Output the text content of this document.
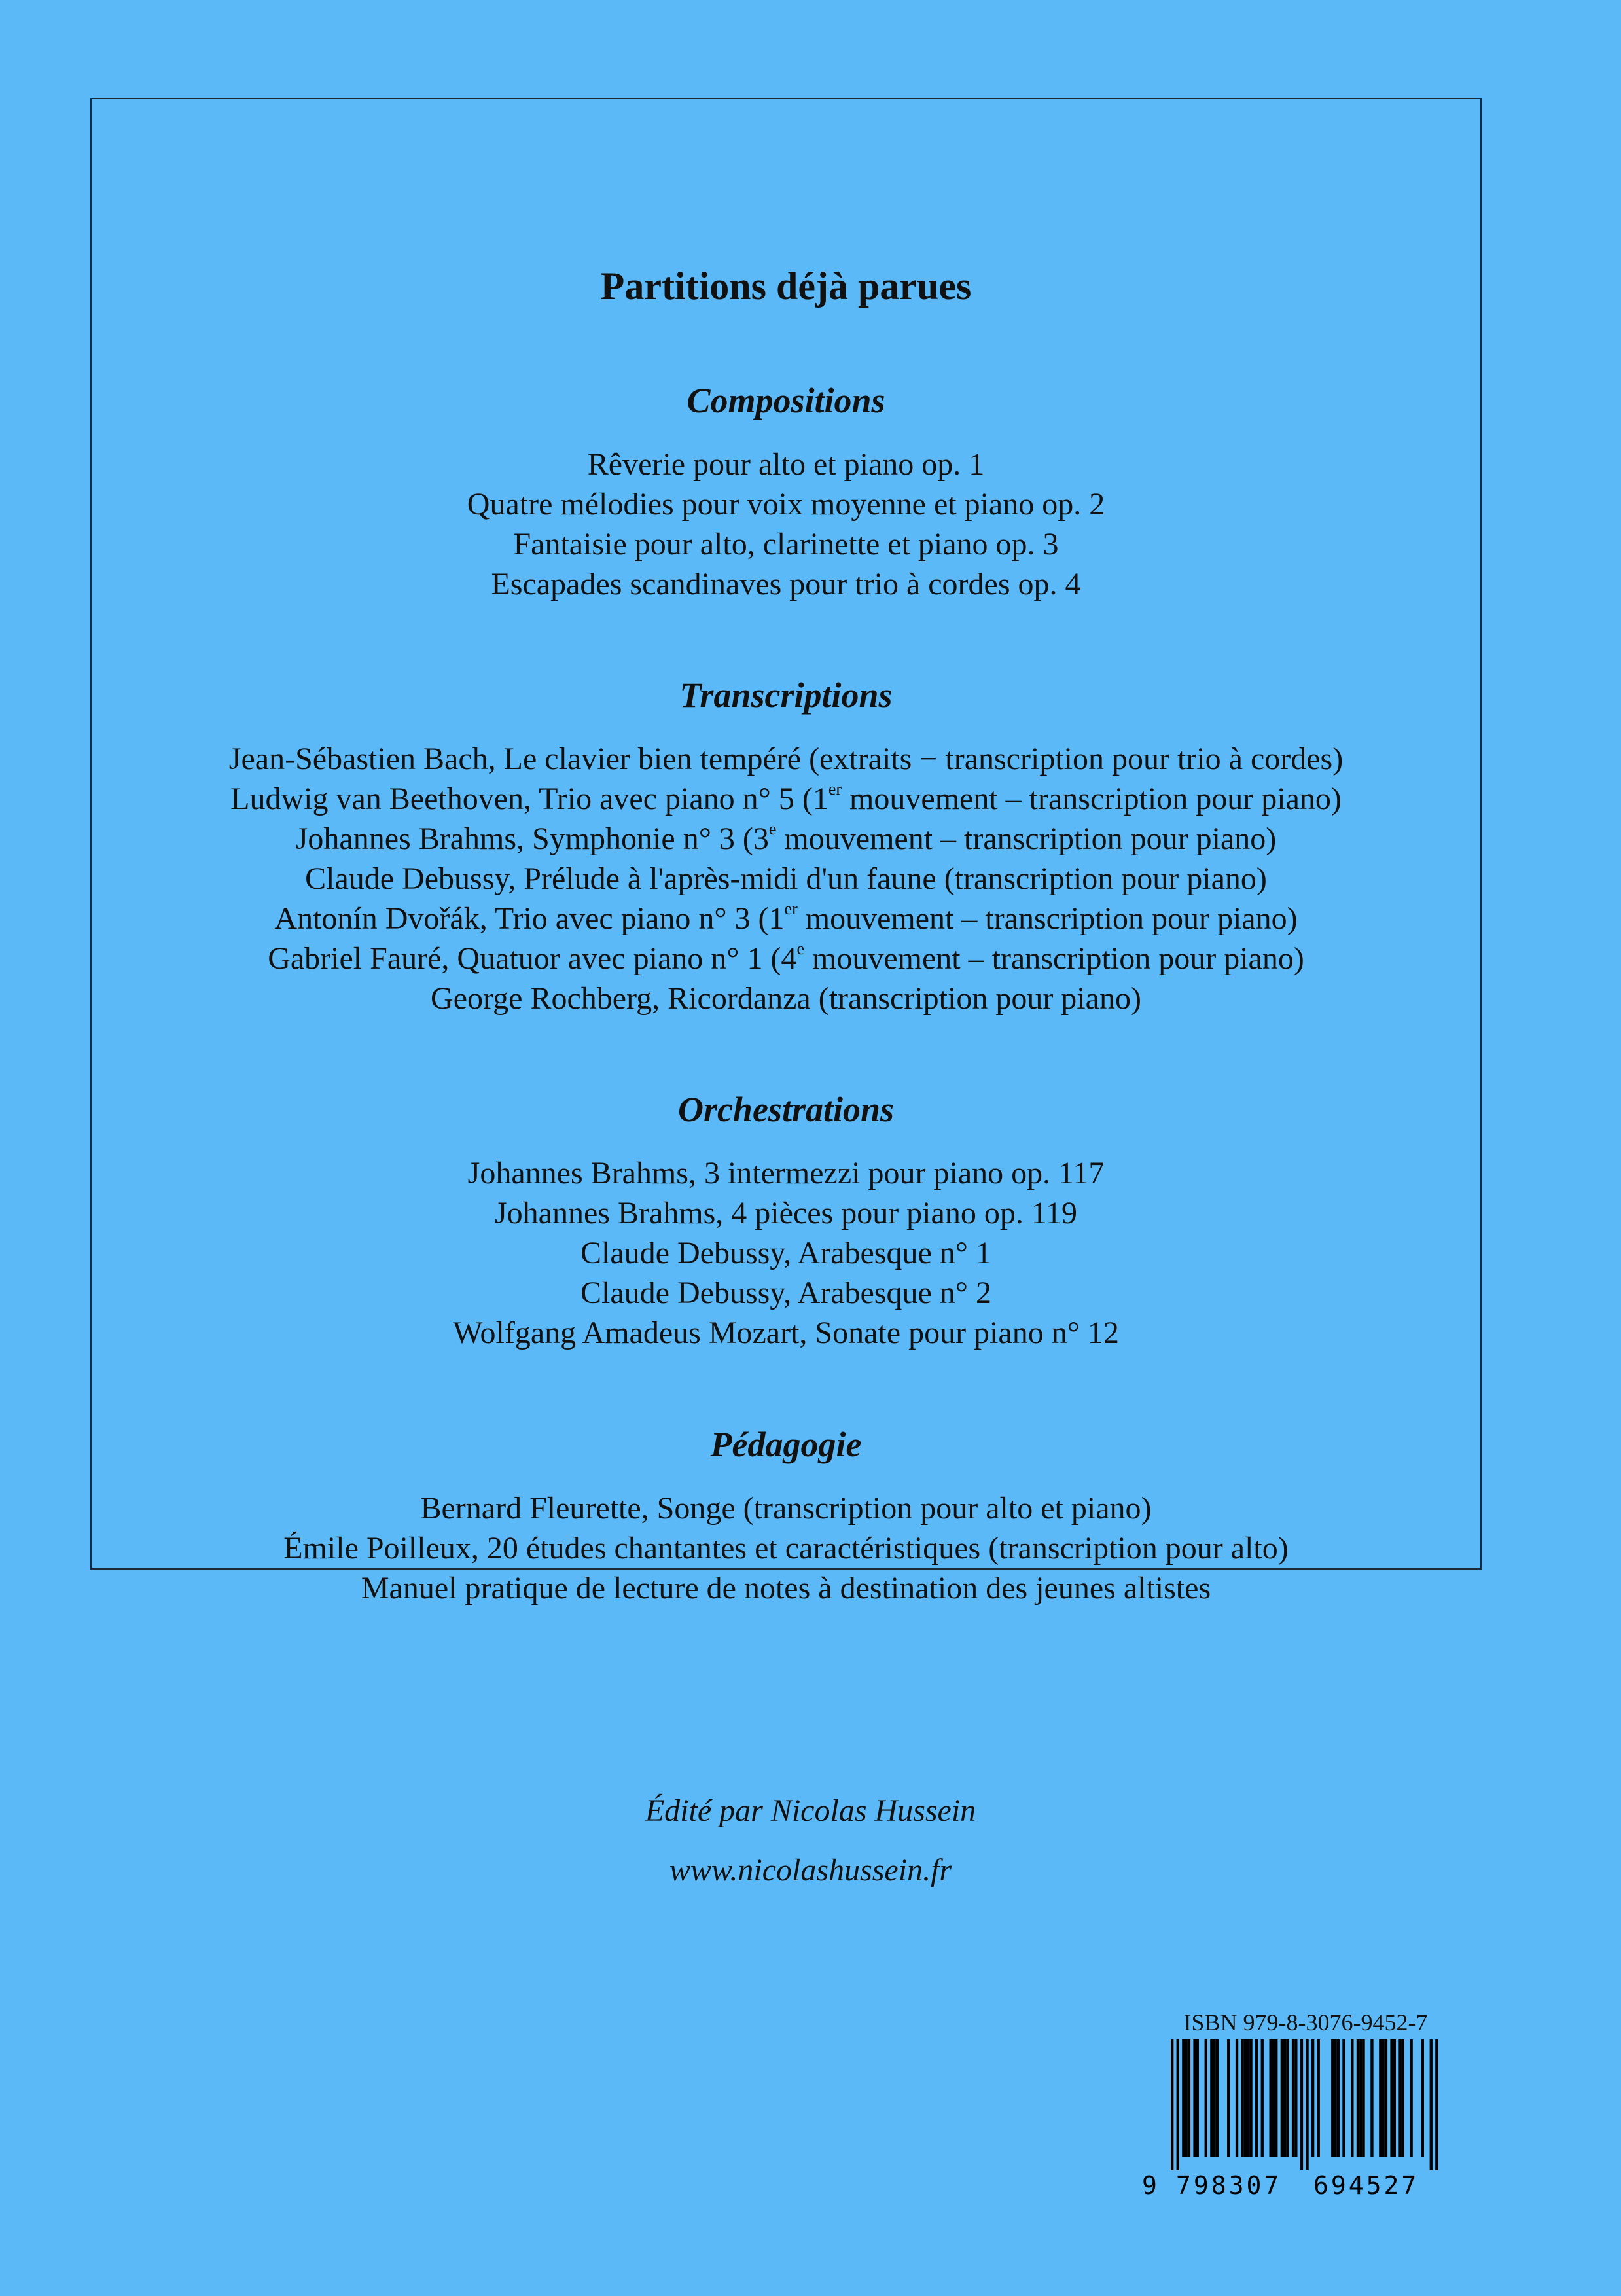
Partitions déjà parues
Compositions
Rêverie pour alto et piano op. 1
Quatre mélodies pour voix moyenne et piano op. 2
Fantaisie pour alto, clarinette et piano op. 3
Escapades scandinaves pour trio à cordes op. 4
Transcriptions
Jean-Sébastien Bach, Le clavier bien tempéré (extraits − transcription pour trio à cordes)
Ludwig van Beethoven, Trio avec piano n° 5 (1er mouvement – transcription pour piano)
Johannes Brahms, Symphonie n° 3 (3e mouvement – transcription pour piano)
Claude Debussy, Prélude à l'après-midi d'un faune (transcription pour piano)
Antonín Dvořák, Trio avec piano n° 3 (1er mouvement – transcription pour piano)
Gabriel Fauré, Quatuor avec piano n° 1 (4e mouvement – transcription pour piano)
George Rochberg, Ricordanza (transcription pour piano)
Orchestrations
Johannes Brahms, 3 intermezzi pour piano op. 117
Johannes Brahms, 4 pièces pour piano op. 119
Claude Debussy, Arabesque n° 1
Claude Debussy, Arabesque n° 2
Wolfgang Amadeus Mozart, Sonate pour piano n° 12
Pédagogie
Bernard Fleurette, Songe (transcription pour alto et piano)
Émile Poilleux, 20 études chantantes et caractéristiques (transcription pour alto)
Manuel pratique de lecture de notes à destination des jeunes altistes

Édité par Nicolas Hussein

www.nicolashussein.fr

ISBN 979-8-3076-9452-7

9 798307 694527
